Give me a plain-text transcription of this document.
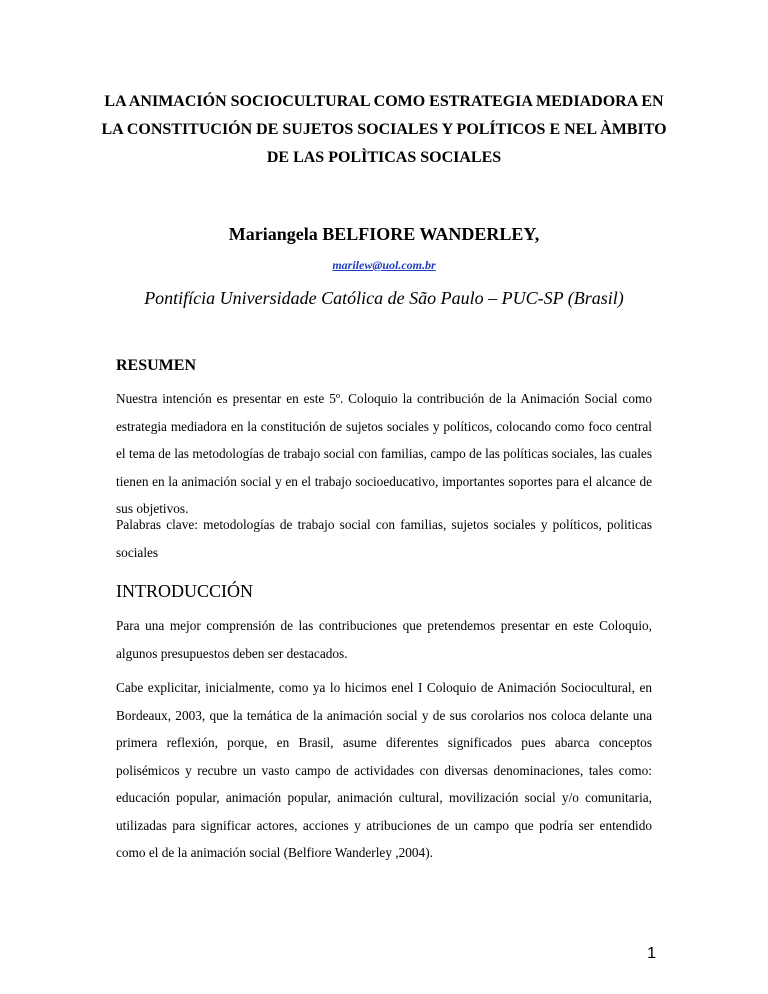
LA ANIMACIÓN SOCIOCULTURAL COMO ESTRATEGIA MEDIADORA EN LA CONSTITUCIÓN DE SUJETOS SOCIALES Y POLÍTICOS E NEL ÀMBITO DE LAS POLÌTICAS SOCIALES

Mariangela BELFIORE WANDERLEY,

marilew@uol.com.br
Pontifícia Universidade Católica de São Paulo – PUC-SP (Brasil)
RESUMEN

Nuestra intención es presentar en este 5º. Coloquio la contribución de la Animación Social como estrategia mediadora en la constitución de sujetos sociales y políticos, colocando como foco central el tema de las metodologías de trabajo social con familias, campo de las políticas sociales, las cuales tienen en la animación social y en el trabajo socioeducativo, importantes soportes para el alcance de sus objetivos.

Palabras clave: metodologías de trabajo social con familias, sujetos sociales y políticos, politicas sociales

INTRODUCCIÓN

Para una mejor comprensión de las contribuciones que pretendemos presentar en este Coloquio, algunos presupuestos deben ser destacados.

Cabe explicitar, inicialmente, como ya lo hicimos enel I Coloquio de Animación Sociocultural, en Bordeaux, 2003, que la temática de la animación social y de sus corolarios nos coloca delante una primera reflexión, porque, en Brasil, asume diferentes significados pues abarca conceptos polisémicos y recubre un vasto campo de actividades con diversas denominaciones, tales como: educación popular, animación popular, animación cultural, movilización social y/o comunitaria, utilizadas para significar actores, acciones y atribuciones de un campo que podría ser entendido como el de la animación social (Belfiore Wanderley ,2004).

1
